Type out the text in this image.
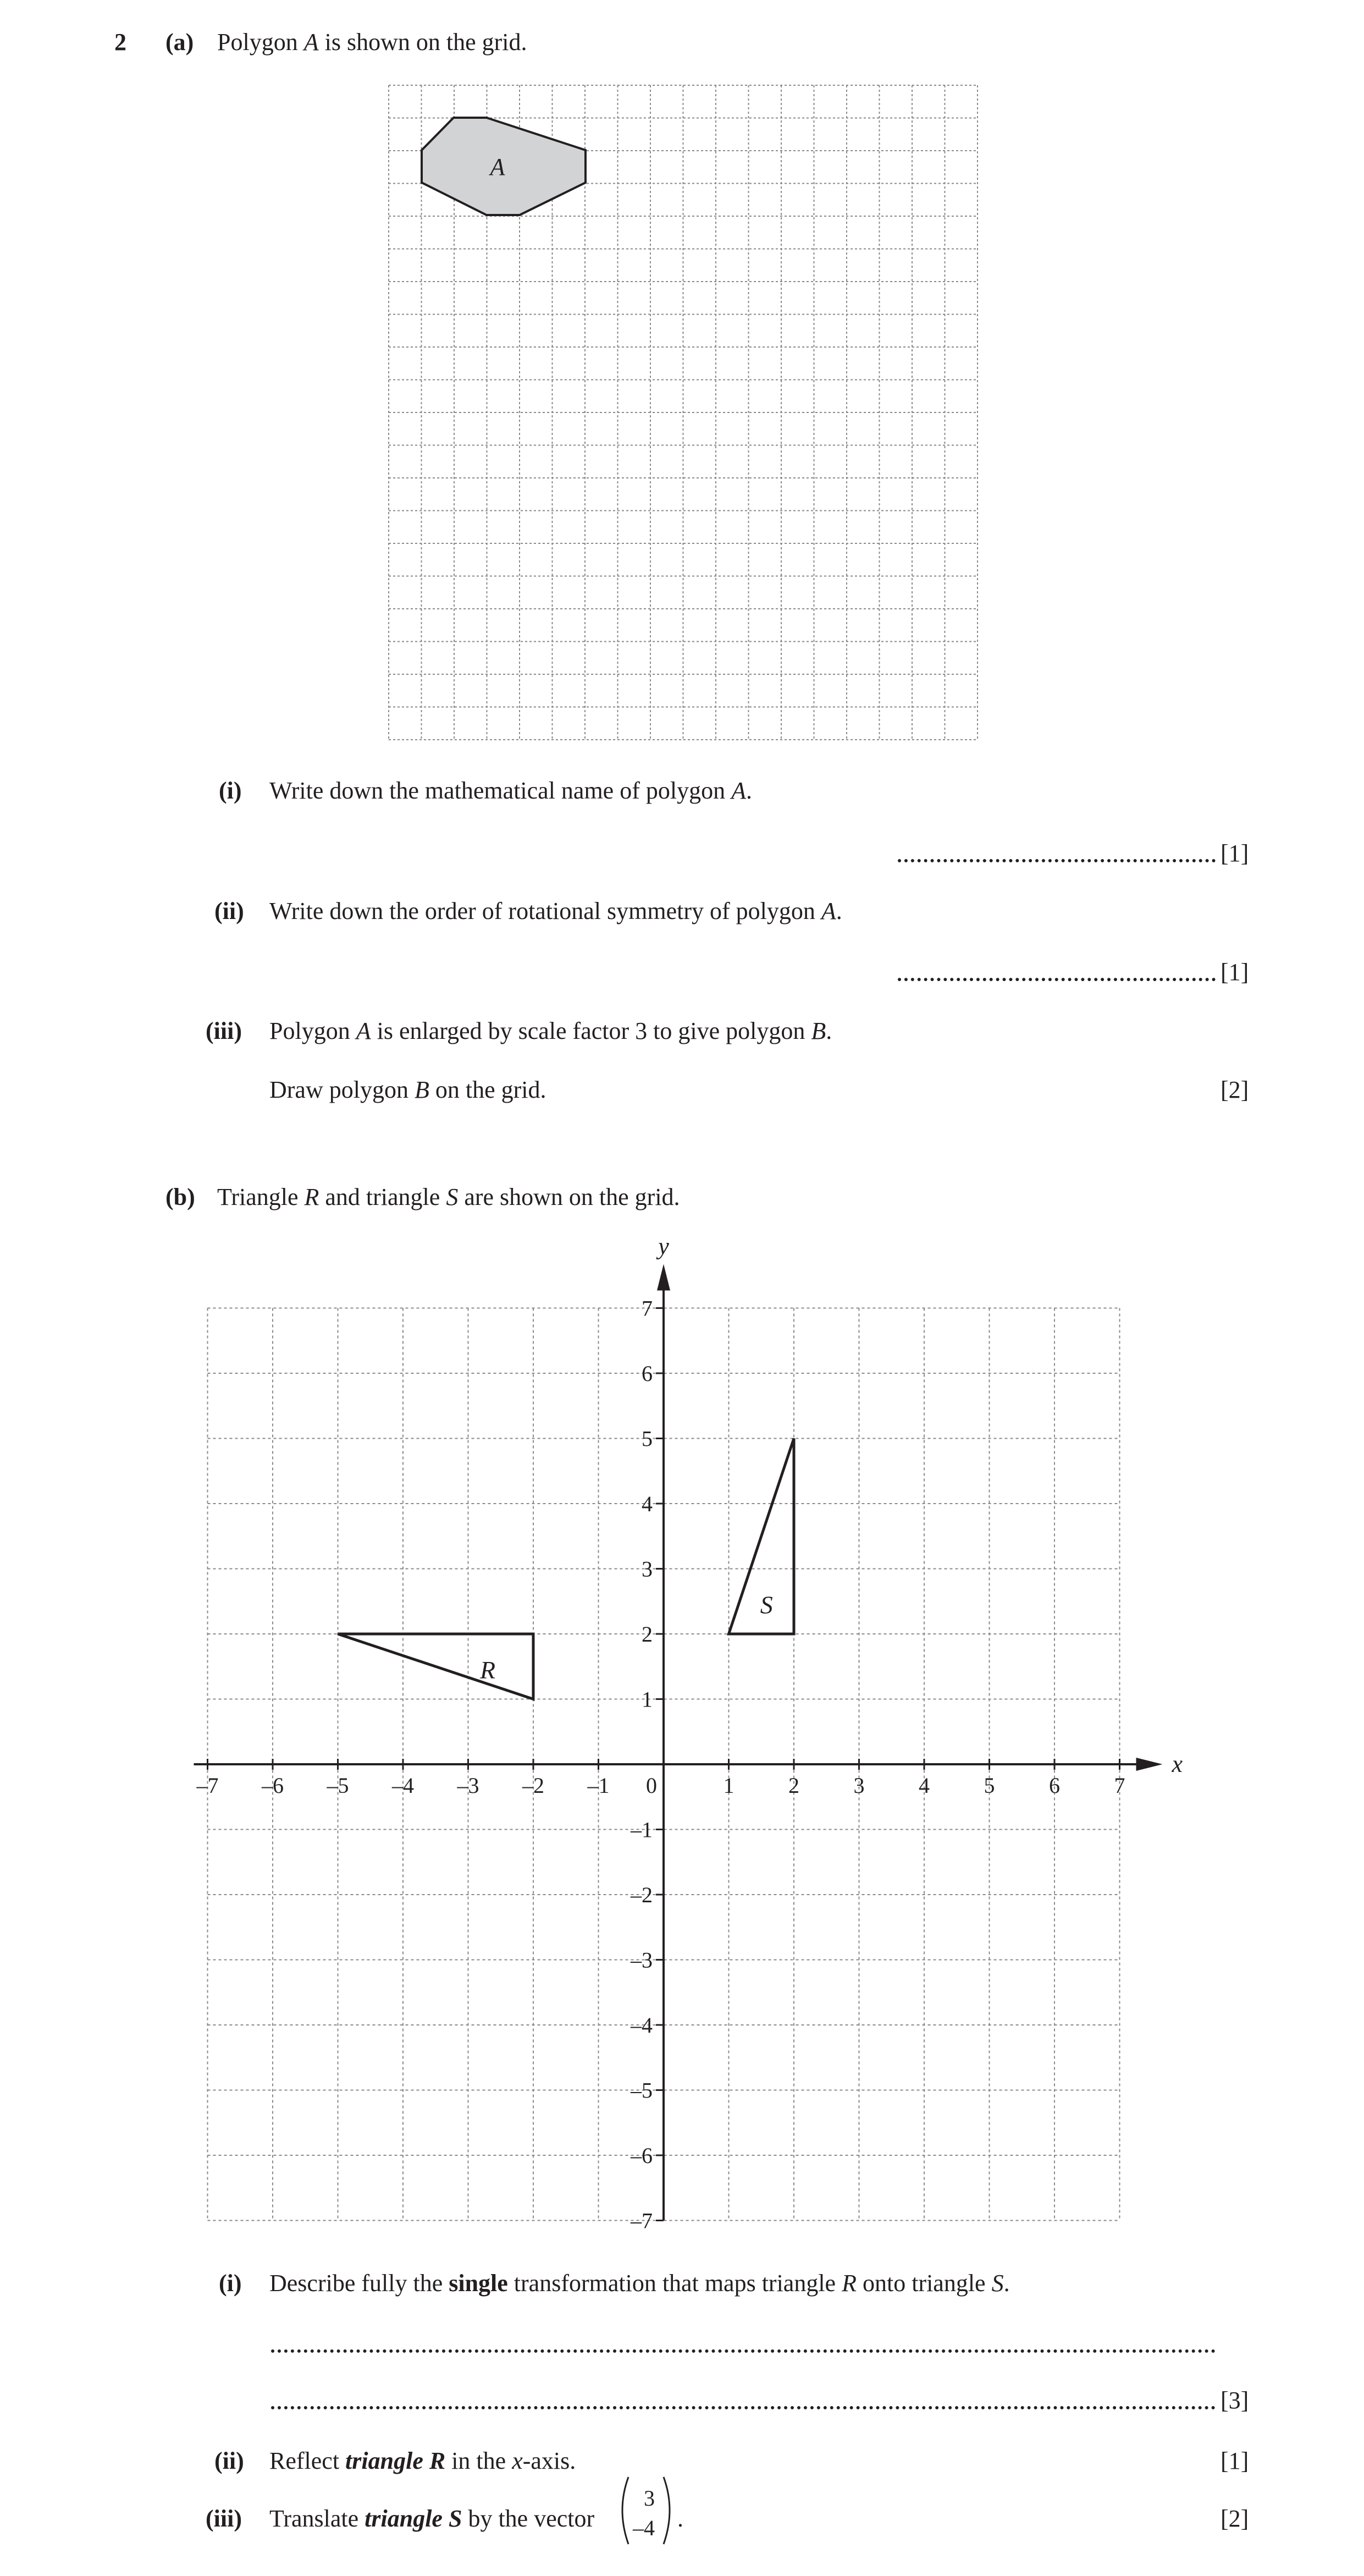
2 (a) Polygon A is shown on the grid.
A
(i) Write down the mathematical name of polygon A.
[1]
(ii) Write down the order of rotational symmetry of polygon A.
[1]
(iii) Polygon A is enlarged by scale factor 3 to give polygon B.
Draw polygon B on the grid.	[2]
(b) Triangle R and triangle S are shown on the grid.
x
y
–7 –6 –5 –4 –3 –2 –1 0	1 2 3 4 5 6 7
1
2
3
4
5
6
7
–1
–2
–3
–4
–5
–6
–7
R
S
(i) Describe fully the single transformation that maps triangle R onto triangle S.
[3]
(ii) Reflect triangle R in the x-axis.	[1]
(iii) Translate triangle S by the vector
3
–4 .	[2]
